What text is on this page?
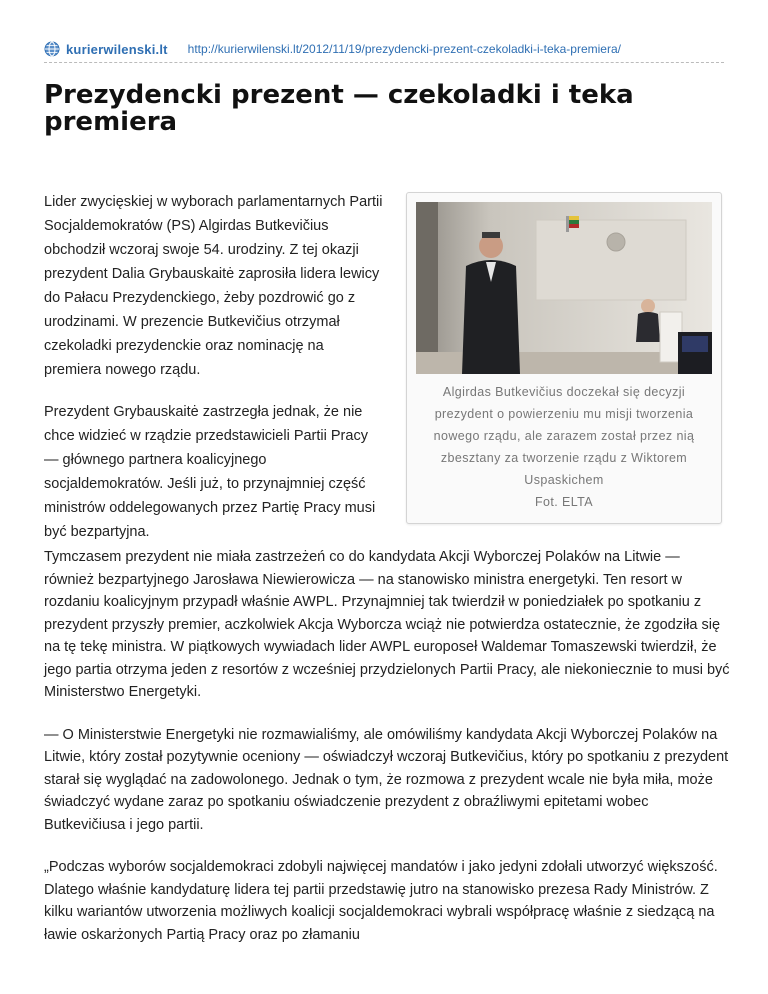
kurierwilenski.lt http://kurierwilenski.lt/2012/11/19/prezydencki-prezent-czekoladki-i-teka-premiera/
Prezydencki prezent — czekoladki i teka premiera

Lider zwycięskiej w wyborach parlamentarnych Partii Socjaldemokratów (PS) Algirdas Butkevičius obchodził wczoraj swoje 54. urodziny. Z tej okazji prezydent Dalia Grybauskaitė zaprosiła lidera lewicy do Pałacu Prezydenckiego, żeby pozdrowić go z urodzinami. W prezencie Butkevičius otrzymał czekoladki prezydenckie oraz nominację na premiera nowego rządu.

Prezydent Grybauskaitė zastrzegła jednak, że nie chce widzieć w rządzie przedstawicieli Partii Pracy — głównego partnera koalicyjnego socjaldemokratów. Jeśli już, to przynajmniej część ministrów oddelegowanych przez Partię Pracy musi być bezpartyjna.

Algirdas Butkevičius doczekał się decyzji
prezydent o powierzeniu mu misji tworzenia
nowego rządu, ale zarazem został przez nią
zbesztany za tworzenie rządu z Wiktorem
Uspaskichem
Fot. ELTA

Tymczasem prezydent nie miała zastrzeżeń co do kandydata Akcji Wyborczej Polaków na Litwie — również bezpartyjnego Jarosława Niewierowicza — na stanowisko ministra energetyki. Ten resort w rozdaniu koalicyjnym przypadł właśnie AWPL. Przynajmniej tak twierdził w poniedziałek po spotkaniu z prezydent przyszły premier, aczkolwiek Akcja Wyborcza wciąż nie potwierdza ostatecznie, że zgodziła się na tę tekę ministra. W piątkowych wywiadach lider AWPL europoseł Waldemar Tomaszewski twierdził, że jego partia otrzyma jeden z resortów z wcześniej przydzielonych Partii Pracy, ale niekoniecznie to musi być Ministerstwo Energetyki.

— O Ministerstwie Energetyki nie rozmawialiśmy, ale omówiliśmy kandydata Akcji Wyborczej Polaków na Litwie, który został pozytywnie oceniony — oświadczył wczoraj Butkevičius, który po spotkaniu z prezydent starał się wyglądać na zadowolonego. Jednak o tym, że rozmowa z prezydent wcale nie była miła, może świadczyć wydane zaraz po spotkaniu oświadczenie prezydent z obraźliwymi epitetami wobec Butkevičiusa i jego partii.

„Podczas wyborów socjaldemokraci zdobyli najwięcej mandatów i jako jedyni zdołali utworzyć większość. Dlatego właśnie kandydaturę lidera tej partii przedstawię jutro na stanowisko prezesa Rady Ministrów. Z kilku wariantów utworzenia możliwych koalicji socjaldemokraci wybrali współpracę właśnie z siedzącą na ławie oskarżonych Partią Pracy oraz po złamaniu
